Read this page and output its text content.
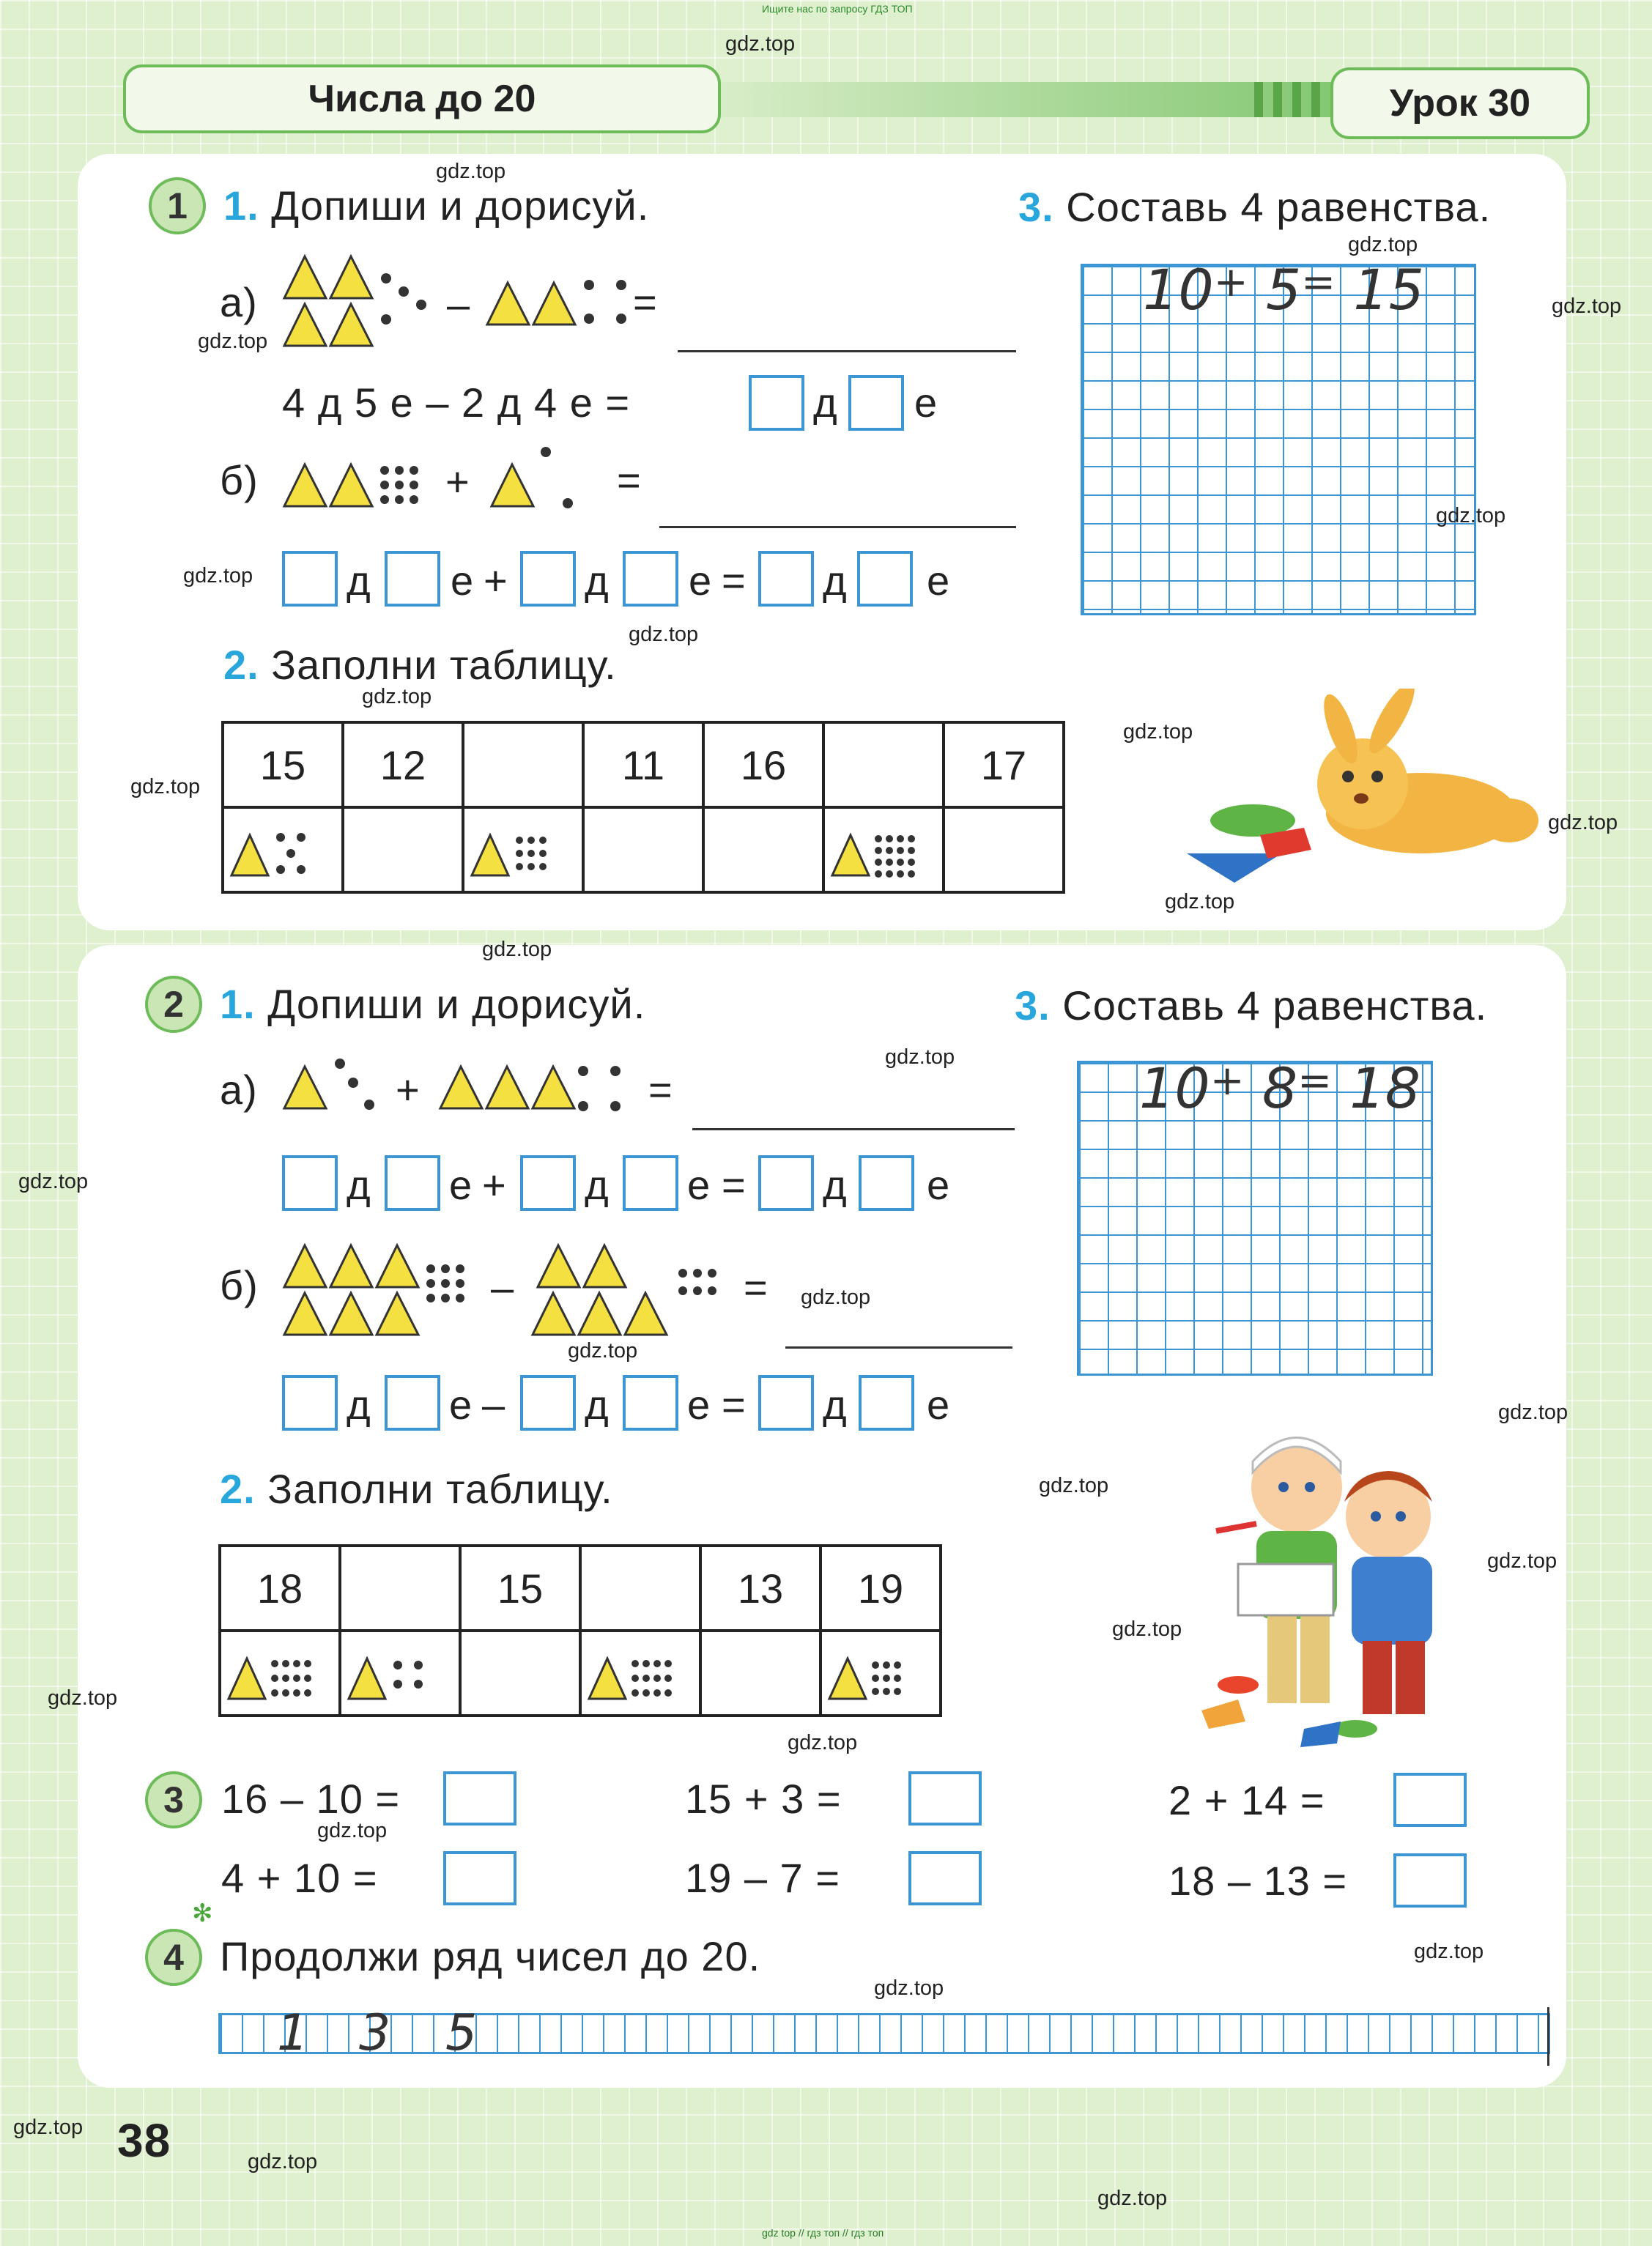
Ищите нас по запросу ГДЗ ТОП
Числа до 20	Урок 30
1 1. Допиши и дорисуй.
а)	–	=
4 д 5 е – 2 д 4 е =	д е
б)	+	=
д е + д е = д е
2. Заполни таблицу.
15	12		11	16		17

3. Составь 4 равенства.
10+ 5= 15
2 1. Допиши и дорисуй.
а)	+	=
д е + д е = д е
б)	–	=
д е – д е = д е
2. Заполни таблицу.
18		15		13	19

3. Составь 4 равенства.
10+ 8= 18
3 16 – 10 =	15 + 3 =	2 + 14 =
4 + 10 =	19 – 7 =	18 – 13 =
✻
4 Продолжи ряд чисел до 20.
1 3 5
38
gdz top // гдз топ // гдз топ
gdz.top
gdz.top
gdz.top
gdz.top
gdz.top
gdz.top
gdz.top
gdz.top
gdz.top
gdz.top
gdz.top
gdz.top
gdz.top
gdz.top
gdz.top
gdz.top
gdz.top
gdz.top
gdz.top
gdz.top
gdz.top
gdz.top
gdz.top
gdz.top
gdz.top
gdz.top
gdz.top
gdz.top
gdz.top
gdz.top
